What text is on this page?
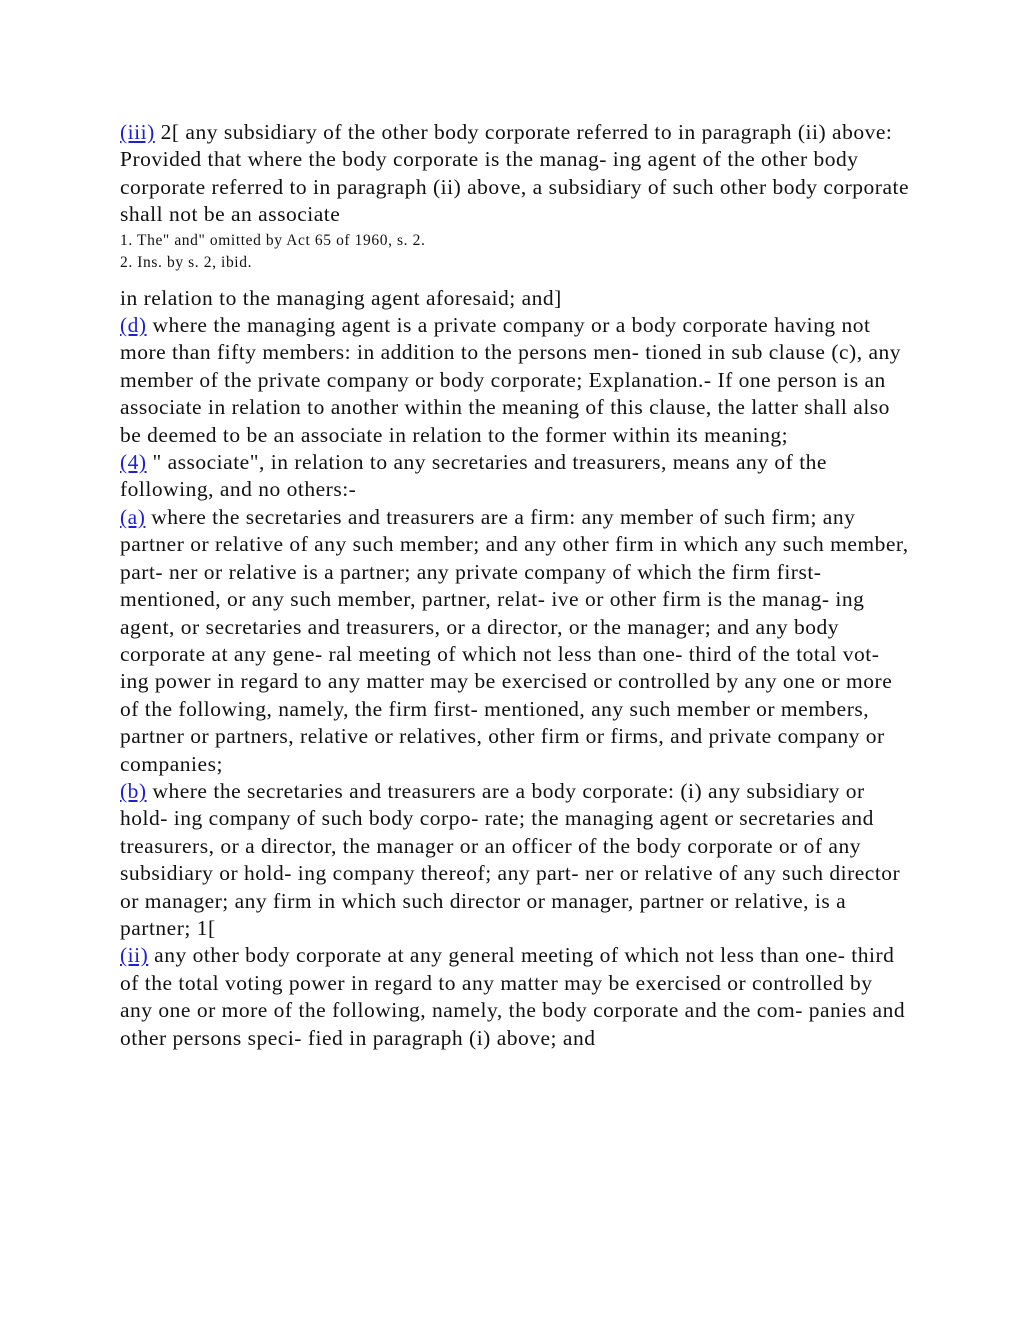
(iii) 2[ any subsidiary of the other body corporate referred to in paragraph (ii) above: Provided that where the body corporate is the manag- ing agent of the other body corporate referred to in paragraph (ii) above, a subsidiary of such other body corporate shall not be an associate

1. The" and" omitted by Act 65 of 1960, s. 2.

2. Ins. by s. 2, ibid.

in relation to the managing agent aforesaid; and]

(d) where the managing agent is a private company or a body corporate having not more than fifty members: in addition to the persons men- tioned in sub clause (c), any member of the private company or body corporate; Explanation.- If one person is an associate in relation to another within the meaning of this clause, the latter shall also be deemed to be an associate in relation to the former within its meaning;

(4) " associate", in relation to any secretaries and treasurers, means any of the following, and no others:-

(a) where the secretaries and treasurers are a firm: any member of such firm; any partner or relative of any such member; and any other firm in which any such member, part- ner or relative is a partner; any private company of which the firm first- mentioned, or any such member, partner, relat- ive or other firm is the manag- ing agent, or secretaries and treasurers, or a director, or the manager; and any body corporate at any gene- ral meeting of which not less than one- third of the total vot- ing power in regard to any matter may be exercised or controlled by any one or more of the following, namely, the firm first- mentioned, any such member or members, partner or partners, relative or relatives, other firm or firms, and private company or companies;

(b) where the secretaries and treasurers are a body corporate: (i) any subsidiary or hold- ing company of such body corpo- rate; the managing agent or secretaries and treasurers, or a director, the manager or an officer of the body corporate or of any subsidiary or hold- ing company thereof; any part- ner or relative of any such director or manager; any firm in which such director or manager, partner or relative, is a partner; 1[

(ii) any other body corporate at any general meeting of which not less than one- third of the total voting power in regard to any matter may be exercised or controlled by any one or more of the following, namely, the body corporate and the com- panies and other persons speci- fied in paragraph (i) above; and
